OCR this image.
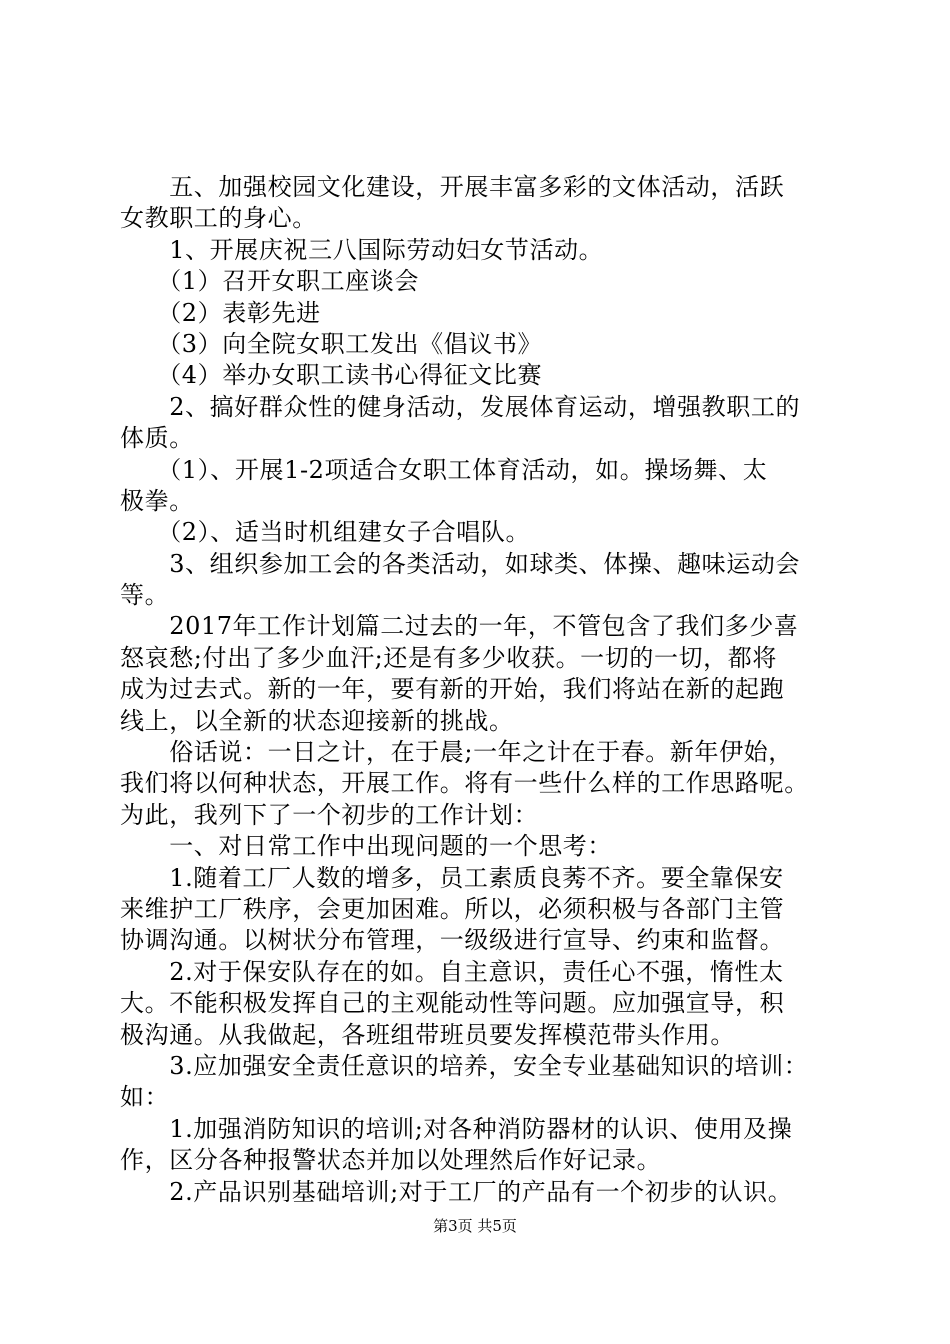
　　五、加强校园文化建设，开展丰富多彩的文体活动，活跃
女教职工的身心。
　　1、开展庆祝三八国际劳动妇女节活动。
　　（1）召开女职工座谈会
　　（2）表彰先进
　　（3）向全院女职工发出《倡议书》
　　（4）举办女职工读书心得征文比赛
　　2、搞好群众性的健身活动，发展体育运动，增强教职工的
体质。
　　（1）、开展1-2项适合女职工体育活动，如。操场舞、太
极拳。
　　（2）、适当时机组建女子合唱队。
　　3、组织参加工会的各类活动，如球类、体操、趣味运动会
等。
　　2017年工作计划篇二过去的一年，不管包含了我们多少喜
怒哀愁;付出了多少血汗;还是有多少收获。一切的一切，都将
成为过去式。新的一年，要有新的开始，我们将站在新的起跑
线上，以全新的状态迎接新的挑战。
　　俗话说：一日之计，在于晨;一年之计在于春。新年伊始，
我们将以何种状态，开展工作。将有一些什么样的工作思路呢。
为此，我列下了一个初步的工作计划：
　　一、对日常工作中出现问题的一个思考：
　　1.随着工厂人数的增多，员工素质良莠不齐。要全靠保安
来维护工厂秩序，会更加困难。所以，必须积极与各部门主管
协调沟通。以树状分布管理，一级级进行宣导、约束和监督。
　　2.对于保安队存在的如。自主意识，责任心不强，惰性太
大。不能积极发挥自己的主观能动性等问题。应加强宣导，积
极沟通。从我做起，各班组带班员要发挥模范带头作用。
　　3.应加强安全责任意识的培养，安全专业基础知识的培训：
如：
　　1.加强消防知识的培训;对各种消防器材的认识、使用及操
作，区分各种报警状态并加以处理然后作好记录。
　　2.产品识别基础培训;对于工厂的产品有一个初步的认识。
第3页 共5页
